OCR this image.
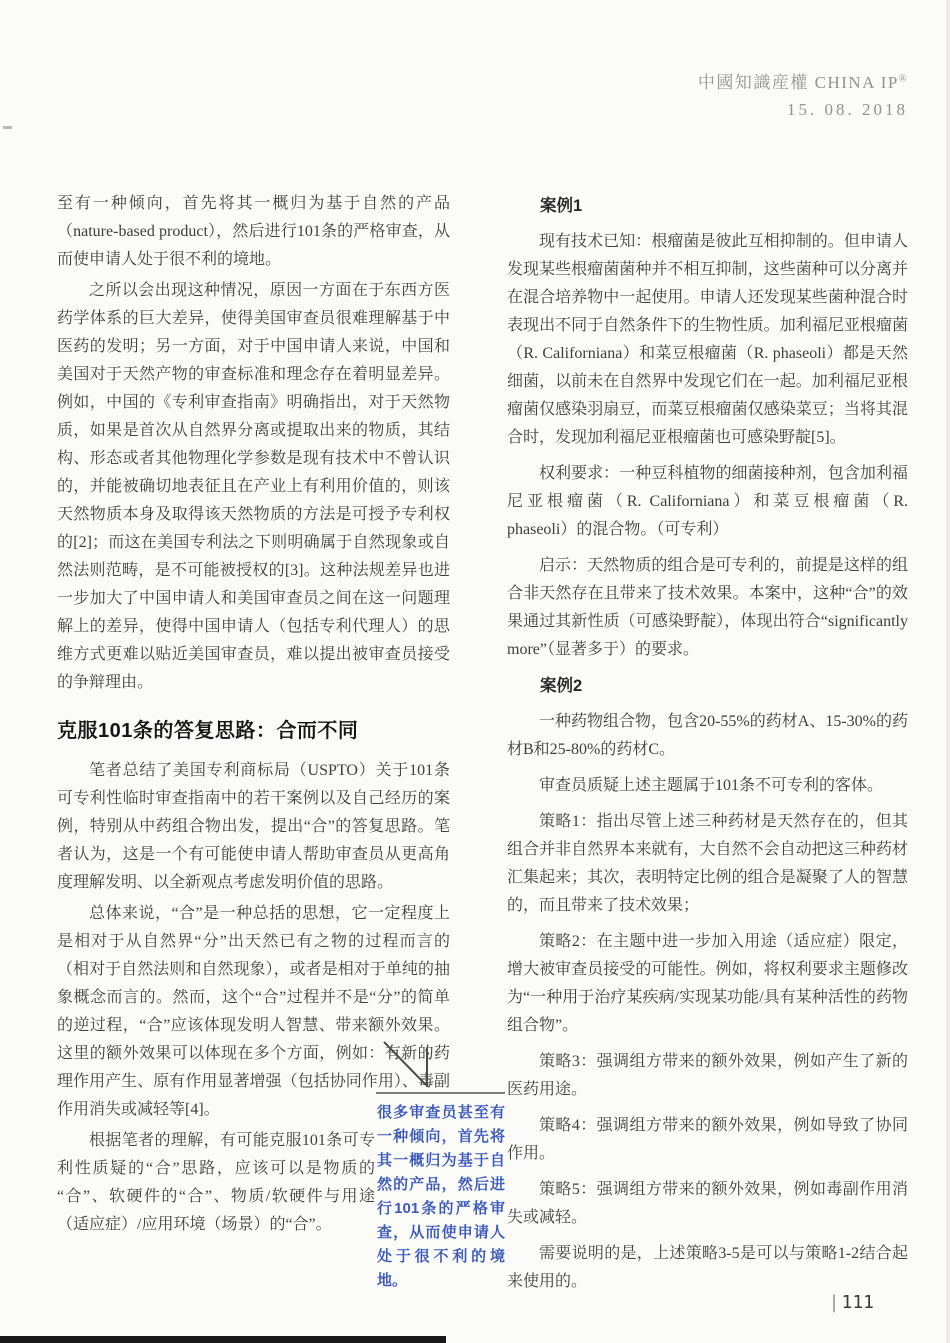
中國知識産權 CHINA IP®
15. 08. 2018

至有一种倾向，首先将其一概归为基于自然的产品（nature-based product），然后进行101条的严格审查，从而使申请人处于很不利的境地。

之所以会出现这种情况，原因一方面在于东西方医药学体系的巨大差异，使得美国审查员很难理解基于中医药的发明；另一方面，对于中国申请人来说，中国和美国对于天然产物的审查标准和理念存在着明显差异。例如，中国的《专利审查指南》明确指出，对于天然物质，如果是首次从自然界分离或提取出来的物质，其结构、形态或者其他物理化学参数是现有技术中不曾认识的，并能被确切地表征且在产业上有利用价值的，则该天然物质本身及取得该天然物质的方法是可授予专利权的[2]；而这在美国专利法之下则明确属于自然现象或自然法则范畴，是不可能被授权的[3]。这种法规差异也进一步加大了中国申请人和美国审查员之间在这一问题理解上的差异，使得中国申请人（包括专利代理人）的思维方式更难以贴近美国审查员，难以提出被审查员接受的争辩理由。

克服101条的答复思路：合而不同

笔者总结了美国专利商标局（USPTO）关于101条可专利性临时审查指南中的若干案例以及自己经历的案例，特别从中药组合物出发，提出“合”的答复思路。笔者认为，这是一个有可能使申请人帮助审查员从更高角度理解发明、以全新观点考虑发明价值的思路。

总体来说，“合”是一种总括的思想，它一定程度上是相对于从自然界“分”出天然已有之物的过程而言的（相对于自然法则和自然现象），或者是相对于单纯的抽象概念而言的。然而，这个“合”过程并不是“分”的简单的逆过程，“合”应该体现发明人智慧、带来额外效果。这里的额外效果可以体现在多个方面，例如：有新的药理作用产生、原有作用显著增强（包括协同作用）、毒副作用消失或减轻等[4]。

根据笔者的理解，有可能克服101条可专利性质疑的“合”思路，应该可以是物质的“合”、软硬件的“合”、物质/软硬件与用途（适应症）/应用环境（场景）的“合”。

很多审查员甚至有一种倾向，首先将其一概归为基于自然的产品，然后进行101条的严格审查，从而使申请人处于很不利的境地。

案例1

现有技术已知：根瘤菌是彼此互相抑制的。但申请人发现某些根瘤菌菌种并不相互抑制，这些菌种可以分离并在混合培养物中一起使用。申请人还发现某些菌种混合时表现出不同于自然条件下的生物性质。加利福尼亚根瘤菌（R. Californiana）和菜豆根瘤菌（R. phaseoli）都是天然细菌，以前未在自然界中发现它们在一起。加利福尼亚根瘤菌仅感染羽扇豆，而菜豆根瘤菌仅感染菜豆；当将其混合时，发现加利福尼亚根瘤菌也可感染野靛[5]。

权利要求：一种豆科植物的细菌接种剂，包含加利福尼亚根瘤菌（R. Californiana）和菜豆根瘤菌（R. phaseoli）的混合物。（可专利）

启示：天然物质的组合是可专利的，前提是这样的组合非天然存在且带来了技术效果。本案中，这种“合”的效果通过其新性质（可感染野靛），体现出符合“significantly more”（显著多于）的要求。

案例2

一种药物组合物，包含20-55%的药材A、15-30%的药材B和25-80%的药材C。

审查员质疑上述主题属于101条不可专利的客体。

策略1：指出尽管上述三种药材是天然存在的，但其组合并非自然界本来就有，大自然不会自动把这三种药材汇集起来；其次，表明特定比例的组合是凝聚了人的智慧的，而且带来了技术效果；

策略2：在主题中进一步加入用途（适应症）限定，增大被审查员接受的可能性。例如，将权利要求主题修改为“一种用于治疗某疾病/实现某功能/具有某种活性的药物组合物”。

策略3：强调组方带来的额外效果，例如产生了新的医药用途。

策略4：强调组方带来的额外效果，例如导致了协同作用。

策略5：强调组方带来的额外效果，例如毒副作用消失或减轻。

需要说明的是，上述策略3-5是可以与策略1-2结合起来使用的。

| 111
